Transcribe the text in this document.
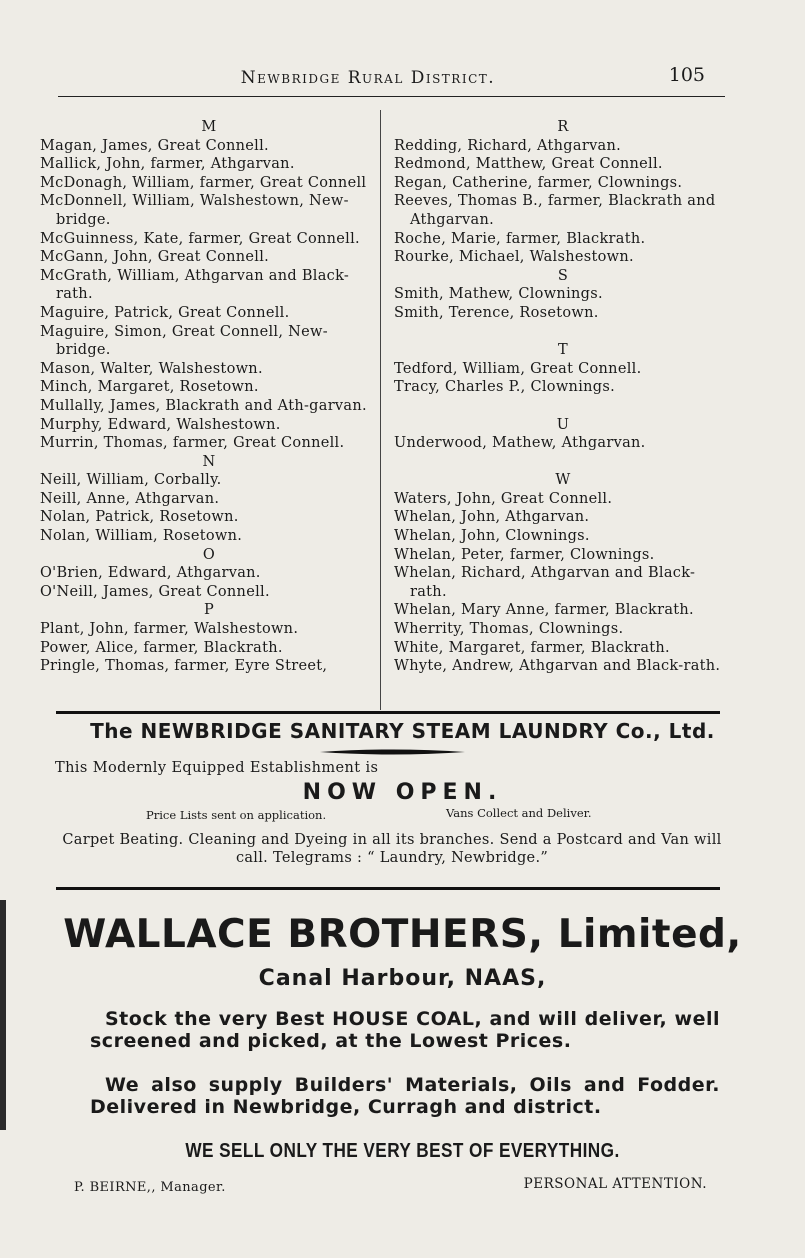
Newbridge Rural District.	105
M
Magan, James, Great Connell.
Mallick, John, farmer, Athgarvan.
McDonagh, William, farmer, Great Connell
McDonnell, William, Walshestown, New-bridge.
McGuinness, Kate, farmer, Great Connell.
McGann, John, Great Connell.
McGrath, William, Athgarvan and Black-rath.
Maguire, Patrick, Great Connell.
Maguire, Simon, Great Connell, New-bridge.
Mason, Walter, Walshestown.
Minch, Margaret, Rosetown.
Mullally, James, Blackrath and Ath-garvan.
Murphy, Edward, Walshestown.
Murrin, Thomas, farmer, Great Connell.
N
Neill, William, Corbally.
Neill, Anne, Athgarvan.
Nolan, Patrick, Rosetown.
Nolan, William, Rosetown.
O
O'Brien, Edward, Athgarvan.
O'Neill, James, Great Connell.
P
Plant, John, farmer, Walshestown.
Power, Alice, farmer, Blackrath.
Pringle, Thomas, farmer, Eyre Street,
R
Redding, Richard, Athgarvan.
Redmond, Matthew, Great Connell.
Regan, Catherine, farmer, Clownings.
Reeves, Thomas B., farmer, Blackrath and Athgarvan.
Roche, Marie, farmer, Blackrath.
Rourke, Michael, Walshestown.
S
Smith, Mathew, Clownings.
Smith, Terence, Rosetown.

T
Tedford, William, Great Connell.
Tracy, Charles P., Clownings.

U
Underwood, Mathew, Athgarvan.

W
Waters, John, Great Connell.
Whelan, John, Athgarvan.
Whelan, John, Clownings.
Whelan, Peter, farmer, Clownings.
Whelan, Richard, Athgarvan and Black-rath.
Whelan, Mary Anne, farmer, Blackrath.
Wherrity, Thomas, Clownings.
White, Margaret, farmer, Blackrath.
Whyte, Andrew, Athgarvan and Black-rath.
The NEWBRIDGE SANITARY STEAM LAUNDRY Co., Ltd.
This Modernly Equipped Establishment is
NOW OPEN.
Price Lists sent on application.	Vans Collect and Deliver.
Carpet Beating. Cleaning and Dyeing in all its branches. Send a Postcard and Van will call. Telegrams : “ Laundry, Newbridge.”
WALLACE BROTHERS, Limited,
Canal Harbour, NAAS,
Stock the very Best HOUSE COAL, and will deliver, well screened and picked, at the Lowest Prices.
We also supply Builders' Materials, Oils and Fodder. Delivered in Newbridge, Curragh and district.
WE SELL ONLY THE VERY BEST OF EVERYTHING.
P. BEIRNE,, Manager.	PERSONAL ATTENTION.
